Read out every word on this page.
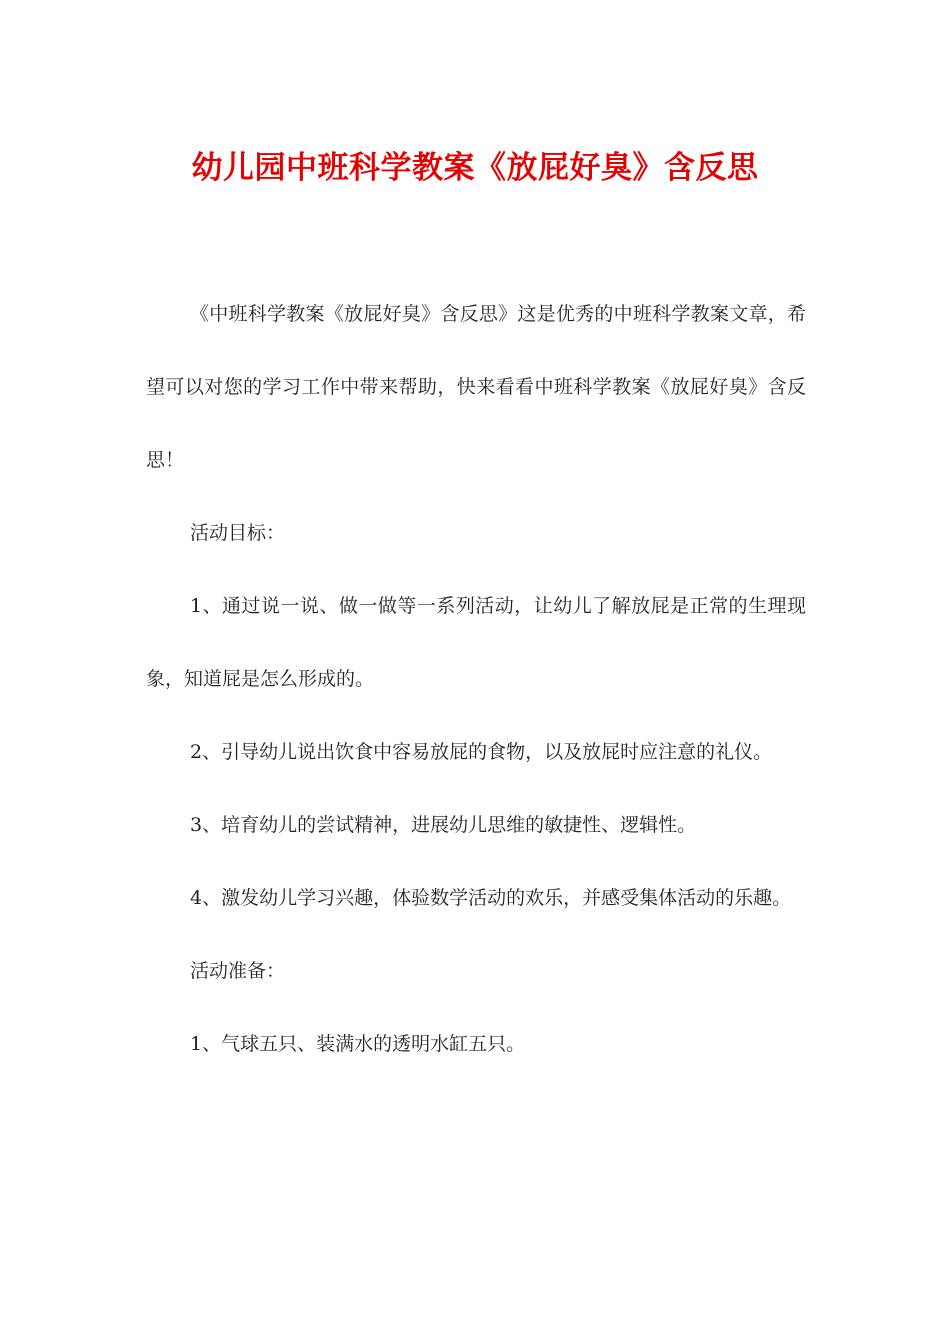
幼儿园中班科学教案《放屁好臭》含反思

《中班科学教案《放屁好臭》含反思》这是优秀的中班科学教案文章，希望可以对您的学习工作中带来帮助，快来看看中班科学教案《放屁好臭》含反思！

活动目标：

1、通过说一说、做一做等一系列活动，让幼儿了解放屁是正常的生理现象，知道屁是怎么形成的。

2、引导幼儿说出饮食中容易放屁的食物，以及放屁时应注意的礼仪。

3、培育幼儿的尝试精神，进展幼儿思维的敏捷性、逻辑性。

4、激发幼儿学习兴趣，体验数学活动的欢乐，并感受集体活动的乐趣。

活动准备：

1、气球五只、装满水的透明水缸五只。
